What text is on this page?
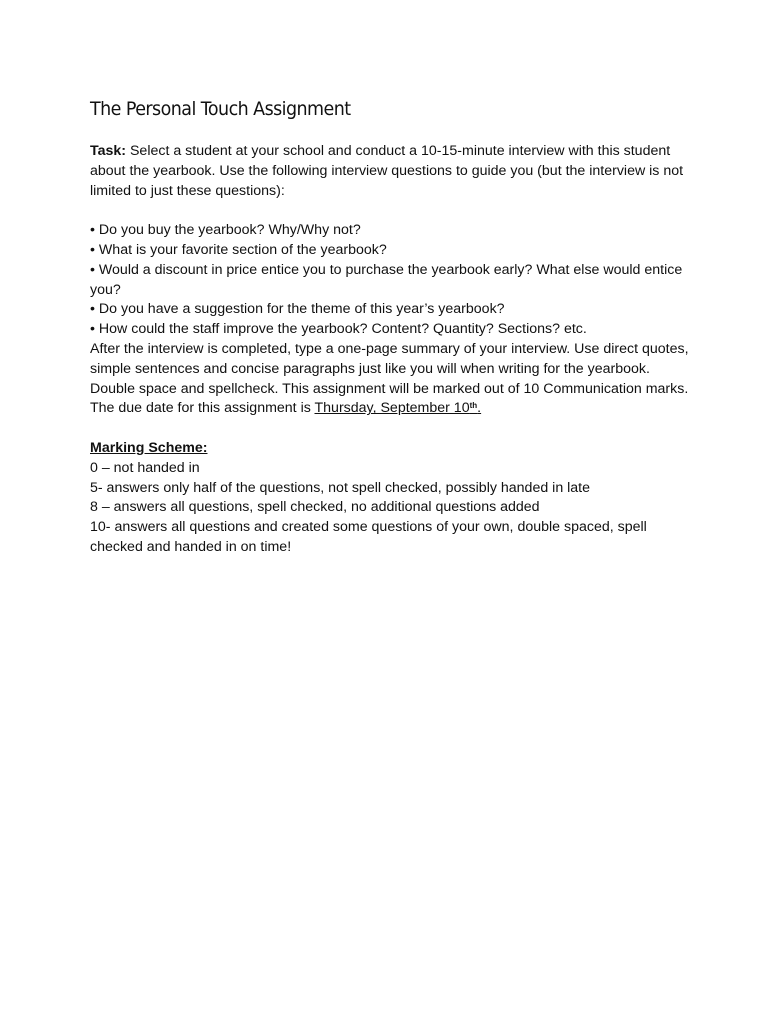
The Personal Touch Assignment

Task: Select a student at your school and conduct a 10-15-minute interview with this student about the yearbook. Use the following interview questions to guide you (but the interview is not limited to just these questions):

• Do you buy the yearbook? Why/Why not?
• What is your favorite section of the yearbook?
• Would a discount in price entice you to purchase the yearbook early? What else would entice you?
• Do you have a suggestion for the theme of this year’s yearbook?
• How could the staff improve the yearbook? Content? Quantity? Sections? etc.

After the interview is completed, type a one-page summary of your interview. Use direct quotes, simple sentences and concise paragraphs just like you will when writing for the yearbook. Double space and spellcheck. This assignment will be marked out of 10 Communication marks. The due date for this assignment is Thursday, September 10th.

Marking Scheme:

0 – not handed in

5- answers only half of the questions, not spell checked, possibly handed in late

8 – answers all questions, spell checked, no additional questions added

10- answers all questions and created some questions of your own, double spaced, spell checked and handed in on time!
